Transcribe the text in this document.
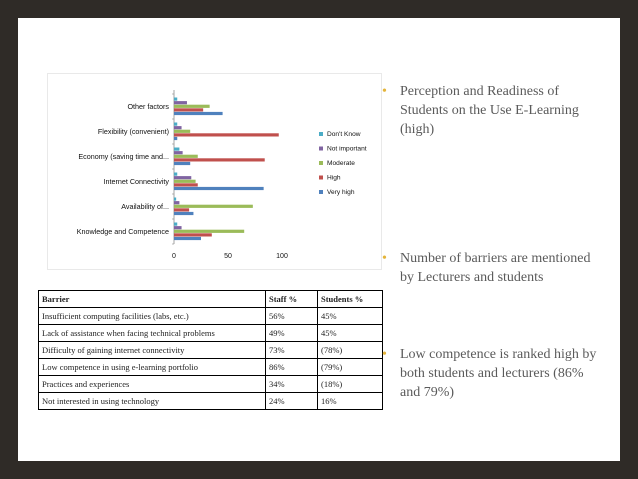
Knowledge and Competence
Availability of...
Internet Connectivity
Economy (saving time and...
Flexibility (convenient)
Other factors
0	50	100
Don't Know
Not important
Moderate
High
Very high
Barrier	Staff %	Students %
Insufficient computing facilities (labs, etc.)	56%	45%
Lack of assistance when facing technical problems	49%	45%
Difficulty of gaining internet connectivity	73%	(78%)
Low competence in using e-learning portfolio	86%	(79%)
Practices and experiences	34%	(18%)
Not interested in using technology	24%	16%
• Perception and Readiness of Students on the Use E-Learning (high)
• Number of barriers are mentioned by Lecturers and students
• Low competence is ranked high by both students and lecturers (86% and 79%)
